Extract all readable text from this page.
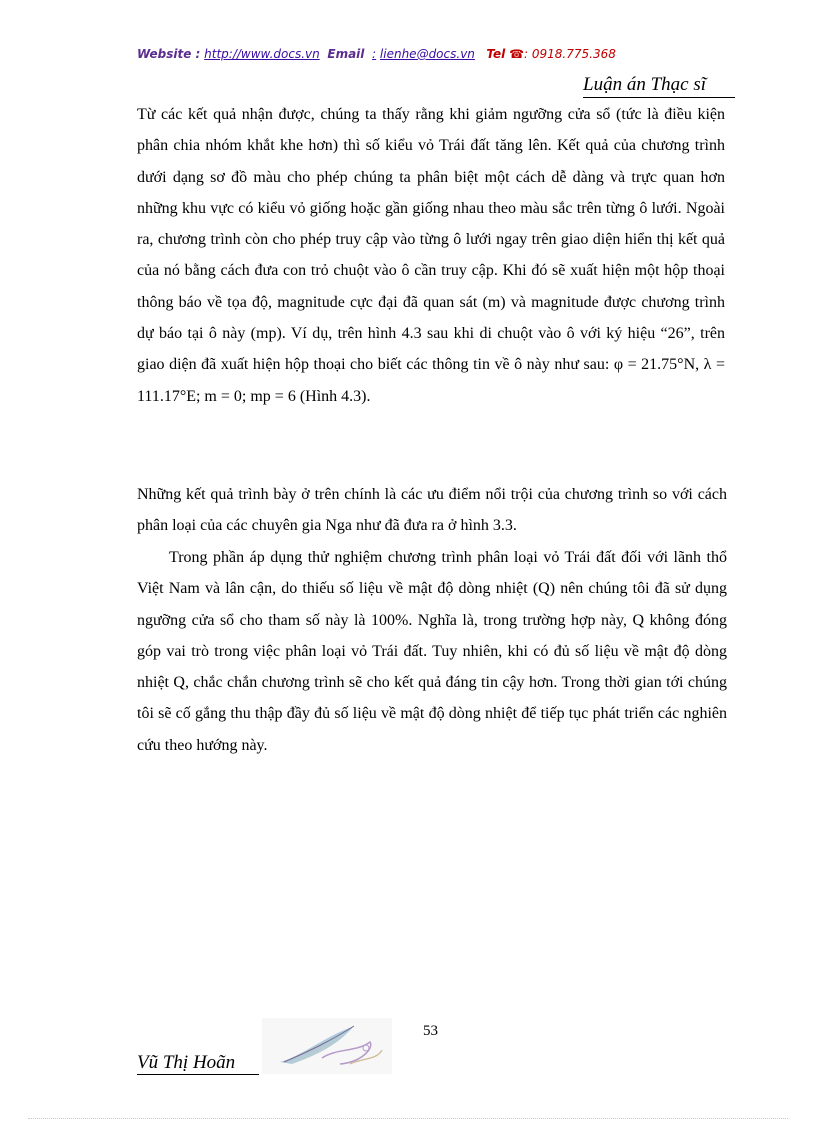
Website : http://www.docs.vn Email : lienhe@docs.vn Tel ☎: 0918.775.368
Luận án Thạc sĩ

Từ các kết quả nhận được, chúng ta thấy rằng khi giảm ngưỡng cửa sổ (tức là điều kiện phân chia nhóm khắt khe hơn) thì số kiểu vỏ Trái đất tăng lên. Kết quả của chương trình dưới dạng sơ đồ màu cho phép chúng ta phân biệt một cách dễ dàng và trực quan hơn những khu vực có kiểu vỏ giống hoặc gần giống nhau theo màu sắc trên từng ô lưới. Ngoài ra, chương trình còn cho phép truy cập vào từng ô lưới ngay trên giao diện hiển thị kết quả của nó bằng cách đưa con trỏ chuột vào ô cần truy cập. Khi đó sẽ xuất hiện một hộp thoại thông báo về tọa độ, magnitude cực đại đã quan sát (m) và magnitude được chương trình dự báo tại ô này (mp). Ví dụ, trên hình 4.3 sau khi di chuột vào ô với ký hiệu “26”, trên giao diện đã xuất hiện hộp thoại cho biết các thông tin về ô này như sau: φ = 21.75°N, λ = 111.17°E; m = 0; mp = 6 (Hình 4.3).

Những kết quả trình bày ở trên chính là các ưu điểm nổi trội của chương trình so với cách phân loại của các chuyên gia Nga như đã đưa ra ở hình 3.3.

Trong phần áp dụng thử nghiệm chương trình phân loại vỏ Trái đất đối với lãnh thổ Việt Nam và lân cận, do thiếu số liệu về mật độ dòng nhiệt (Q) nên chúng tôi đã sử dụng ngưỡng cửa sổ cho tham số này là 100%. Nghĩa là, trong trường hợp này, Q không đóng góp vai trò trong việc phân loại vỏ Trái đất. Tuy nhiên, khi có đủ số liệu về mật độ dòng nhiệt Q, chắc chắn chương trình sẽ cho kết quả đáng tin cậy hơn. Trong thời gian tới chúng tôi sẽ cố gắng thu thập đầy đủ số liệu về mật độ dòng nhiệt để tiếp tục phát triển các nghiên cứu theo hướng này.

53
Vũ Thị Hoãn
